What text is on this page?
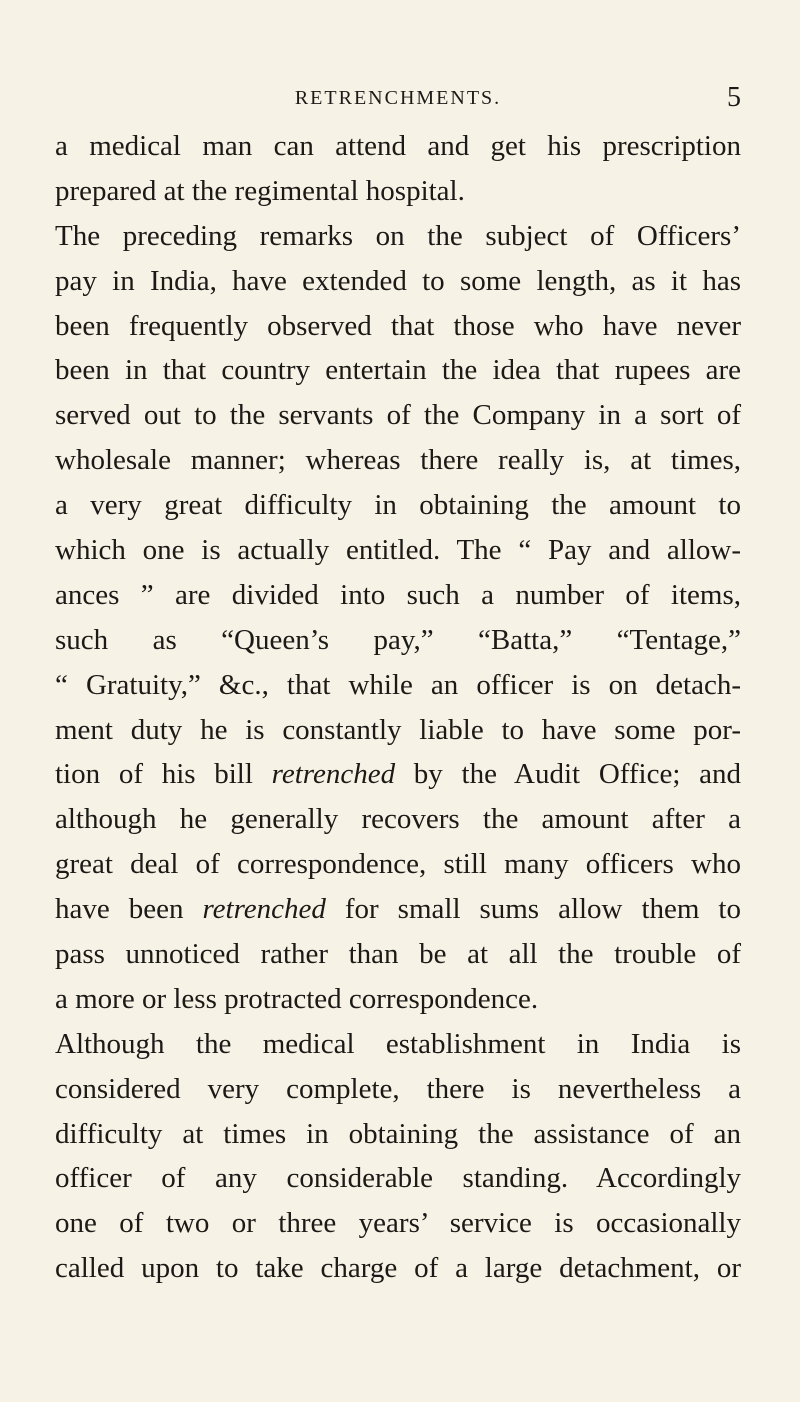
RETRENCHMENTS.	5
a medical man can attend and get his prescription
prepared at the regimental hospital.
The preceding remarks on the subject of Officers’
pay in India, have extended to some length, as it has
been frequently observed that those who have never
been in that country entertain the idea that rupees are
served out to the servants of the Company in a sort of
wholesale manner; whereas there really is, at times,
a very great difficulty in obtaining the amount to
which one is actually entitled. The “ Pay and allow-
ances ” are divided into such a number of items,
such as “Queen’s pay,” “Batta,” “Tentage,”
“ Gratuity,” &c., that while an officer is on detach-
ment duty he is constantly liable to have some por-
tion of his bill retrenched by the Audit Office; and
although he generally recovers the amount after a
great deal of correspondence, still many officers who
have been retrenched for small sums allow them to
pass unnoticed rather than be at all the trouble of
a more or less protracted correspondence.
Although the medical establishment in India is
considered very complete, there is nevertheless a
difficulty at times in obtaining the assistance of an
officer of any considerable standing. Accordingly
one of two or three years’ service is occasionally
called upon to take charge of a large detachment, or
